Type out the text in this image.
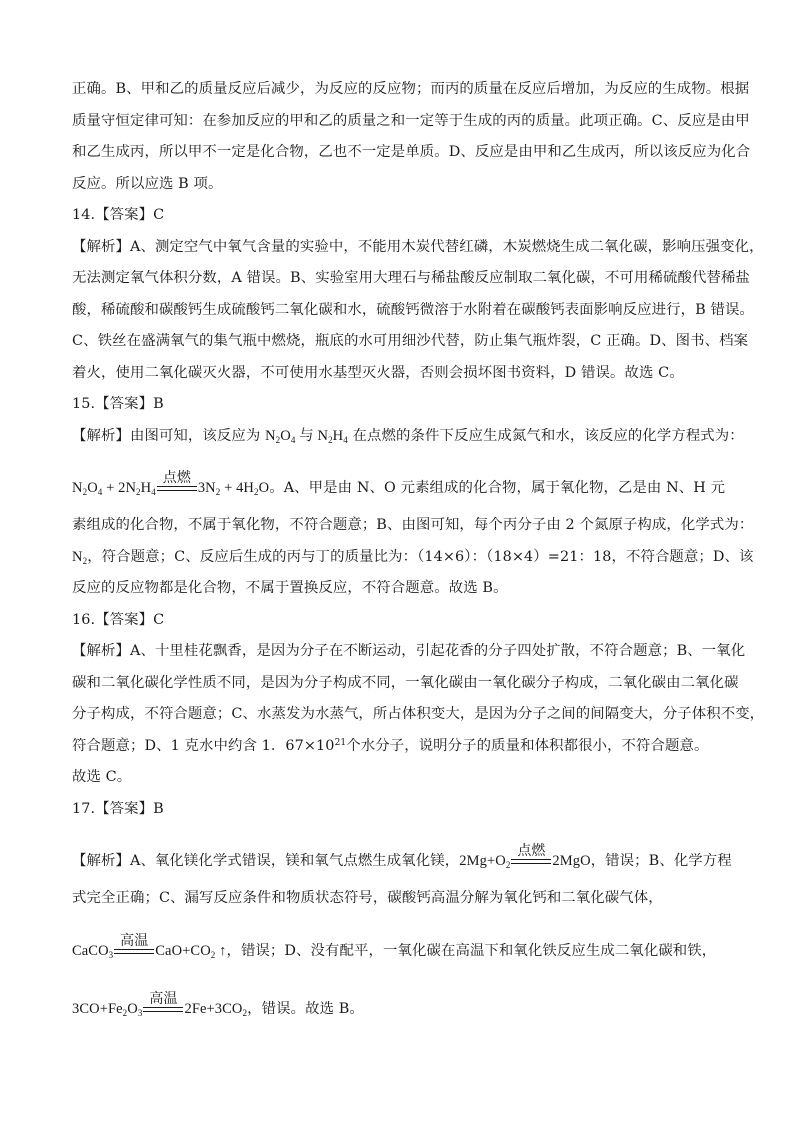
正确。B、甲和乙的质量反应后减少，为反应的反应物；而丙的质量在反应后增加，为反应的生成物。根据
质量守恒定律可知：在参加反应的甲和乙的质量之和一定等于生成的丙的质量。此项正确。C、反应是由甲
和乙生成丙，所以甲不一定是化合物，乙也不一定是单质。D、反应是由甲和乙生成丙，所以该反应为化合
反应。所以应选 B 项。
14.【答案】C
【解析】A、测定空气中氧气含量的实验中，不能用木炭代替红磷，木炭燃烧生成二氧化碳，影响压强变化，
无法测定氧气体积分数，A 错误。B、实验室用大理石与稀盐酸反应制取二氧化碳，不可用稀硫酸代替稀盐
酸，稀硫酸和碳酸钙生成硫酸钙二氧化碳和水，硫酸钙微溶于水附着在碳酸钙表面影响反应进行，B 错误。
C、铁丝在盛满氧气的集气瓶中燃烧，瓶底的水可用细沙代替，防止集气瓶炸裂，C 正确。D、图书、档案
着火，使用二氧化碳灭火器，不可使用水基型灭火器，否则会损坏图书资料，D 错误。故选 C。
15.【答案】B
【解析】由图可知，该反应为 $N_2O_4$ 与 $N_2H_4$ 在点燃的条件下反应生成氮气和水，该反应的化学方程式为：
$N_2O_4 + 2N_2H_4$
点燃
$3N_2 + 4H_2O$。A、甲是由 N、O 元素组成的化合物，属于氧化物，乙是由 N、H 元
素组成的化合物，不属于氧化物，不符合题意；B、由图可知，每个丙分子由 2 个氮原子构成，化学式为：
$N_2$，符合题意；C、反应后生成的丙与丁的质量比为：（14×6）：（18×4）=21：18，不符合题意；D、该
反应的反应物都是化合物，不属于置换反应，不符合题意。故选 B。
16.【答案】C
【解析】A、十里桂花飘香，是因为分子在不断运动，引起花香的分子四处扩散，不符合题意；B、一氧化
碳和二氧化碳化学性质不同，是因为分子构成不同，一氧化碳由一氧化碳分子构成，二氧化碳由二氧化碳
分子构成，不符合题意；C、水蒸发为水蒸气，所占体积变大，是因为分子之间的间隔变大，分子体积不变，
符合题意；D、1 克水中约含 1．$67\times 10^{21}$个水分子，说明分子的质量和体积都很小，不符合题意。
故选 C。
17.【答案】B
【解析】A、氧化镁化学式错误，镁和氧气点燃生成氧化镁，$2Mg+O_2$
点燃
2MgO，错误；B、化学方程
式完全正确；C、漏写反应条件和物质状态符号，碳酸钙高温分解为氧化钙和二氧化碳气体，
CaCO$_3$
高温
$CaO+CO_2$ ↑，错误；D、没有配平，一氧化碳在高温下和氧化铁反应生成二氧化碳和铁，
$3CO+Fe_2O_3$
高温
$2Fe+3CO_2$，错误。故选 B。
